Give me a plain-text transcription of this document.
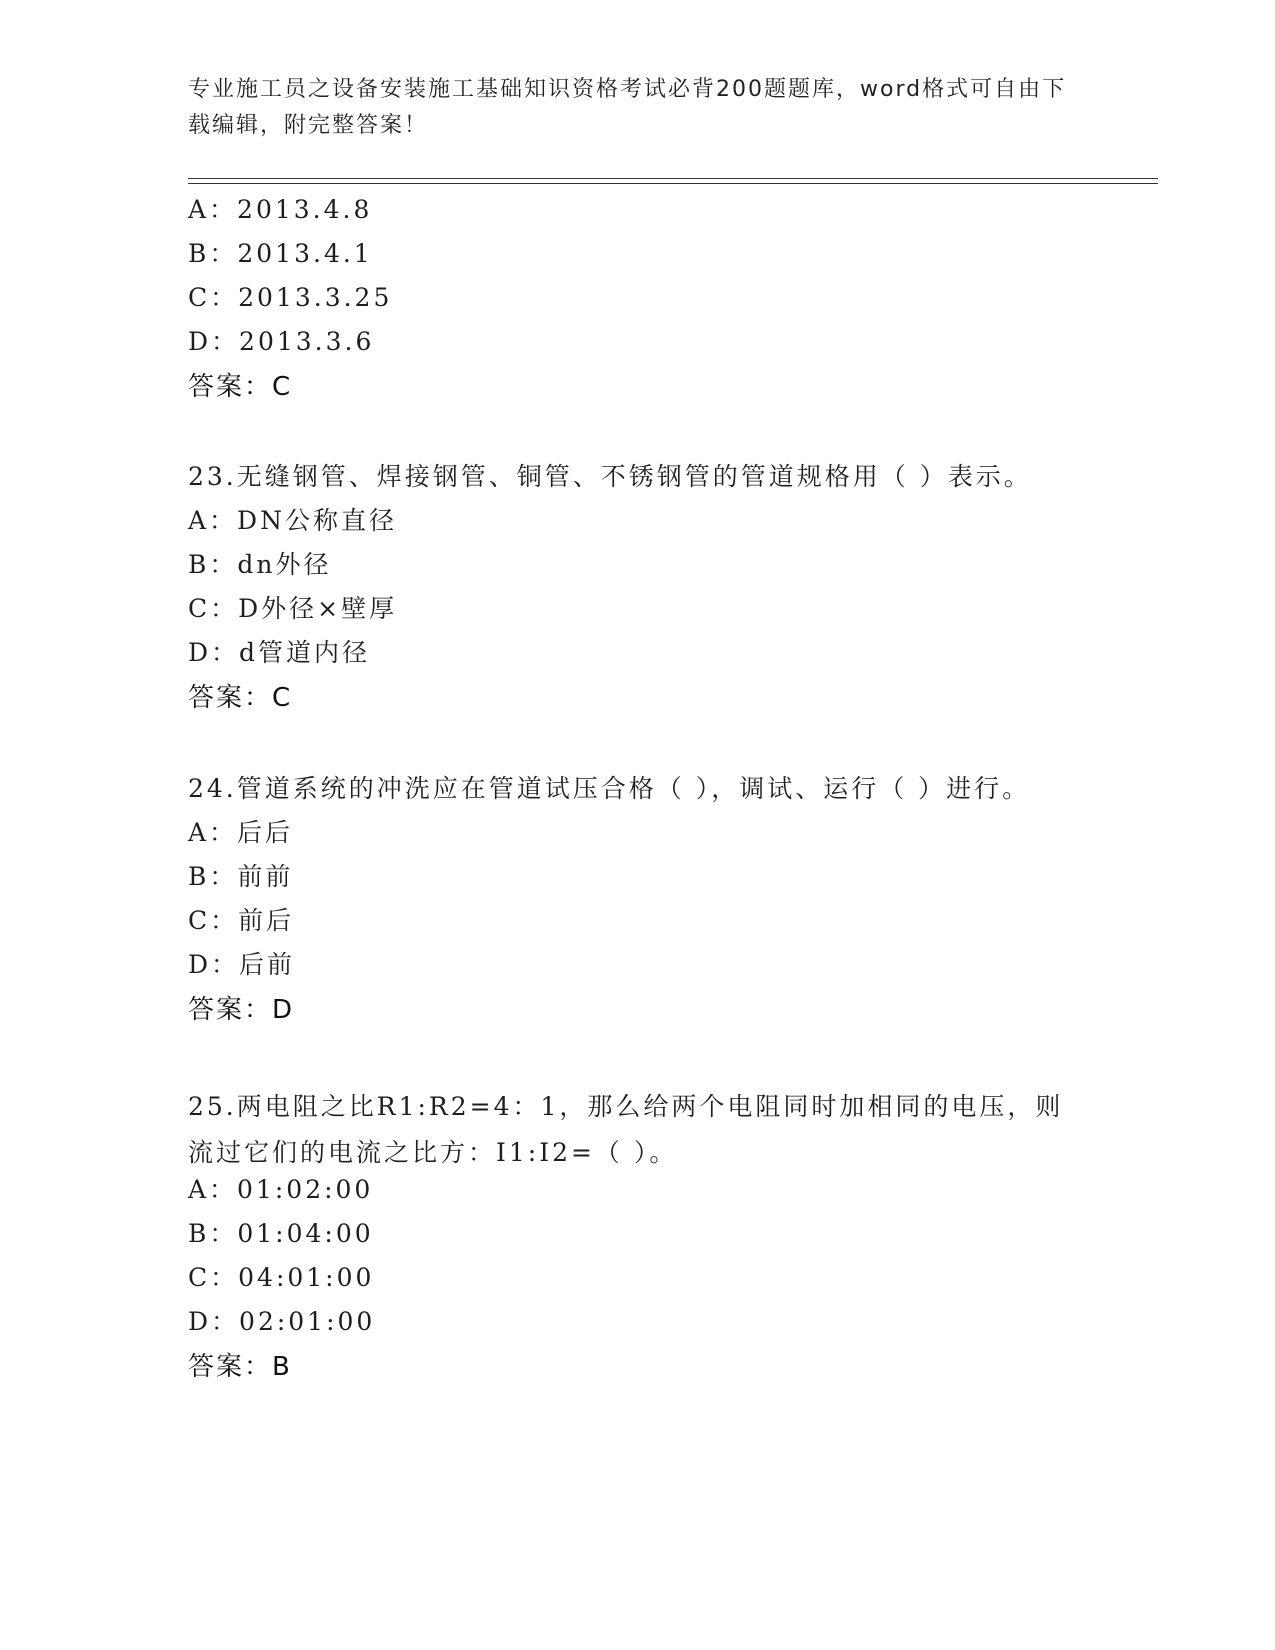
专业施工员之设备安装施工基础知识资格考试必背200题题库，word格式可自由下载编辑，附完整答案！
A：2013.4.8
B：2013.4.1
C：2013.3.25
D：2013.3.6
答案：C
23.无缝钢管、焊接钢管、铜管、不锈钢管的管道规格用（ ）表示。
A：DN公称直径
B：dn外径
C：D外径×壁厚
D：d管道内径
答案：C
24.管道系统的冲洗应在管道试压合格（ ），调试、运行（ ）进行。
A：后后
B：前前
C：前后
D：后前
答案：D
25.两电阻之比R1:R2=4：1，那么给两个电阻同时加相同的电压，则流过它们的电流之比方：I1:I2=（ ）。
A：01:02:00
B：01:04:00
C：04:01:00
D：02:01:00
答案：B
